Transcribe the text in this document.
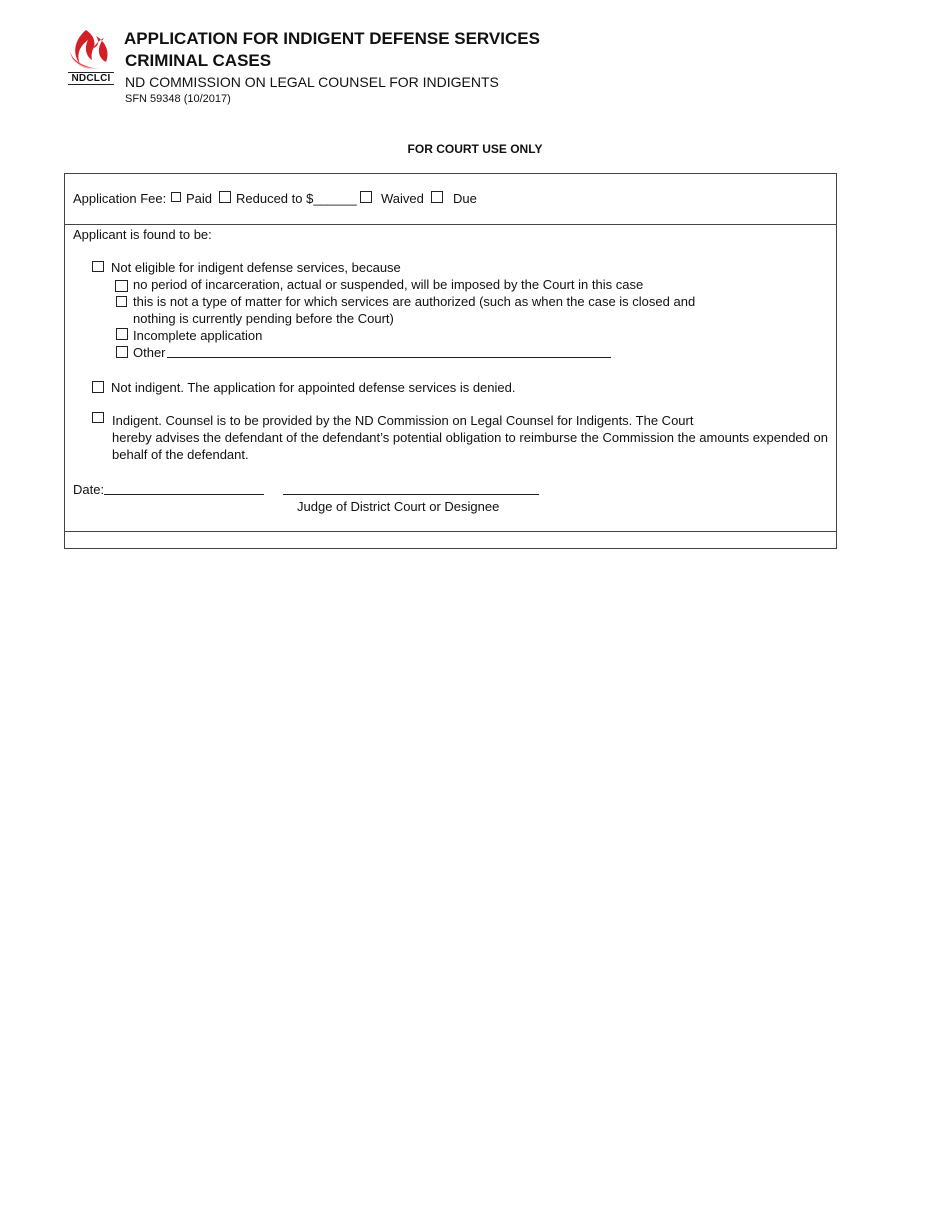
NDCLCI
APPLICATION FOR INDIGENT DEFENSE SERVICES
CRIMINAL CASES
ND COMMISSION ON LEGAL COUNSEL FOR INDIGENTS
SFN 59348 (10/2017)
FOR COURT USE ONLY
Application Fee: Paid Reduced to $______ Waived Due
Applicant is found to be:
Not eligible for indigent defense services, because
no period of incarceration, actual or suspended, will be imposed by the Court in this case
this is not a type of matter for which services are authorized (such as when the case is closed and
nothing is currently pending before the Court)
Incomplete application
Other
Not indigent. The application for appointed defense services is denied.
Indigent. Counsel is to be provided by the ND Commission on Legal Counsel for Indigents. The Court
hereby advises the defendant of the defendant’s potential obligation to reimburse the Commission the amounts expended on
behalf of the defendant.
Date:
Judge of District Court or Designee
